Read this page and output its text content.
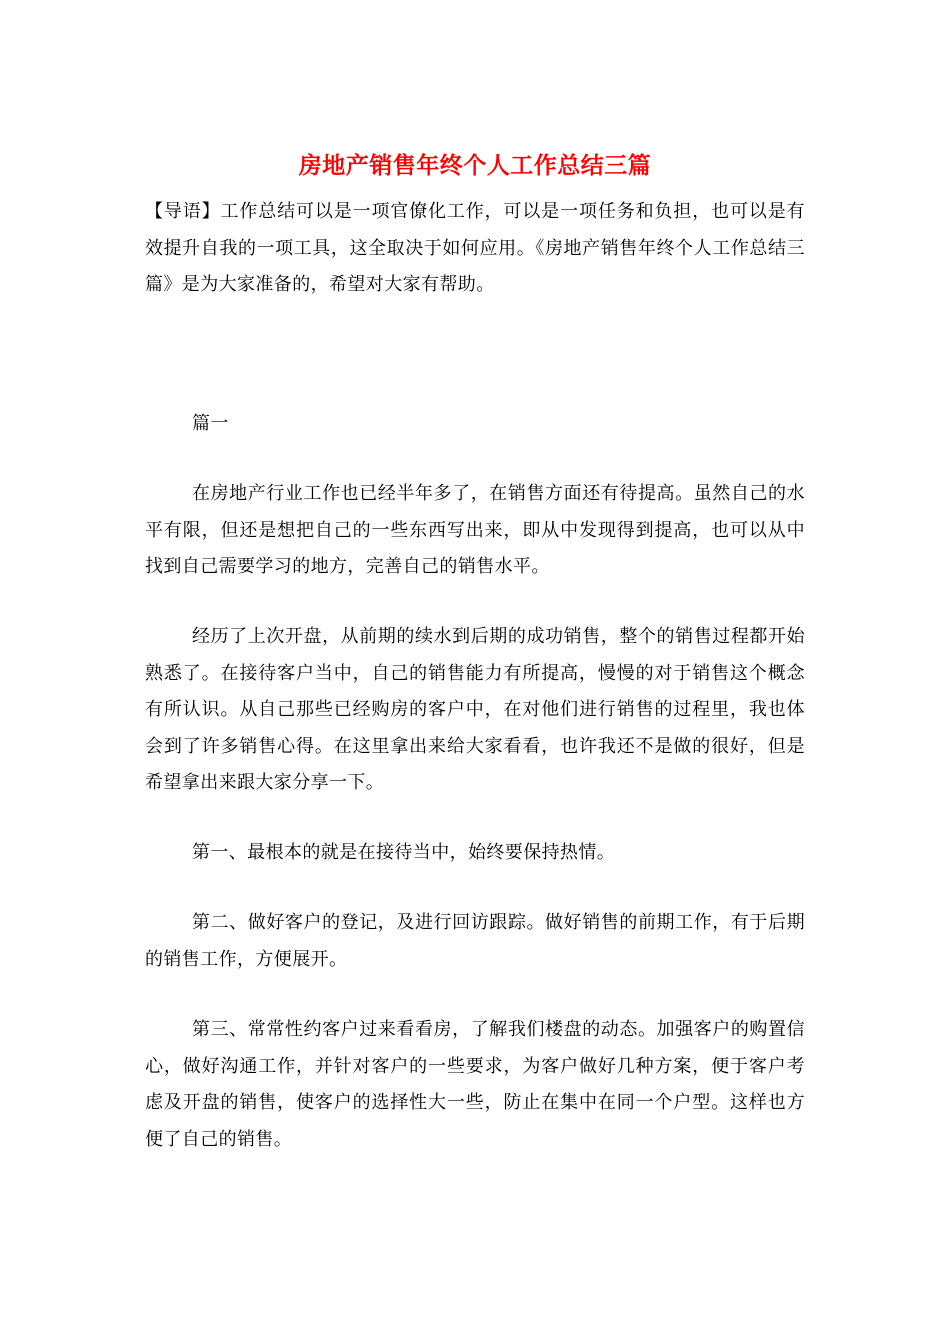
房地产销售年终个人工作总结三篇

【导语】工作总结可以是一项官僚化工作，可以是一项任务和负担，也可以是有效提升自我的一项工具，这全取决于如何应用。《房地产销售年终个人工作总结三篇》是为大家准备的，希望对大家有帮助。

篇一

在房地产行业工作也已经半年多了，在销售方面还有待提高。虽然自己的水平有限，但还是想把自己的一些东西写出来，即从中发现得到提高，也可以从中找到自己需要学习的地方，完善自己的销售水平。

经历了上次开盘，从前期的续水到后期的成功销售，整个的销售过程都开始熟悉了。在接待客户当中，自己的销售能力有所提高，慢慢的对于销售这个概念有所认识。从自己那些已经购房的客户中，在对他们进行销售的过程里，我也体会到了许多销售心得。在这里拿出来给大家看看，也许我还不是做的很好，但是希望拿出来跟大家分享一下。

第一、最根本的就是在接待当中，始终要保持热情。

第二、做好客户的登记，及进行回访跟踪。做好销售的前期工作，有于后期的销售工作，方便展开。

第三、常常性约客户过来看看房，了解我们楼盘的动态。加强客户的购置信心，做好沟通工作，并针对客户的一些要求，为客户做好几种方案，便于客户考虑及开盘的销售，使客户的选择性大一些，防止在集中在同一个户型。这样也方便了自己的销售。
